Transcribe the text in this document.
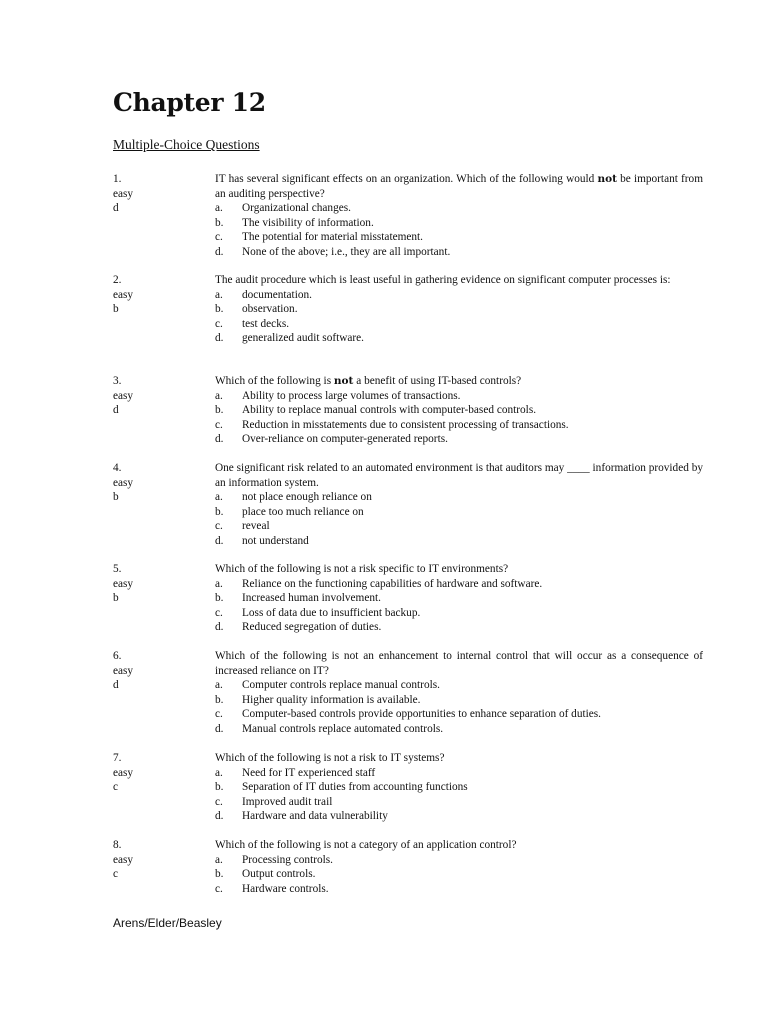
Chapter 12
Multiple-Choice Questions
1.
easy
d
IT has several significant effects on an organization. Which of the following would not be important from an auditing perspective?
a. Organizational changes.
b. The visibility of information.
c. The potential for material misstatement.
d. None of the above; i.e., they are all important.
2.
easy
b
The audit procedure which is least useful in gathering evidence on significant computer processes is:
a. documentation.
b. observation.
c. test decks.
d. generalized audit software.
3.
easy
d
Which of the following is not a benefit of using IT-based controls?
a. Ability to process large volumes of transactions.
b. Ability to replace manual controls with computer-based controls.
c. Reduction in misstatements due to consistent processing of transactions.
d. Over-reliance on computer-generated reports.
4.
easy
b
One significant risk related to an automated environment is that auditors may ____ information provided by an information system.
a. not place enough reliance on
b. place too much reliance on
c. reveal
d. not understand
5.
easy
b
Which of the following is not a risk specific to IT environments?
a. Reliance on the functioning capabilities of hardware and software.
b. Increased human involvement.
c. Loss of data due to insufficient backup.
d. Reduced segregation of duties.
6.
easy
d
Which of the following is not an enhancement to internal control that will occur as a consequence of increased reliance on IT?
a. Computer controls replace manual controls.
b. Higher quality information is available.
c. Computer-based controls provide opportunities to enhance separation of duties.
d. Manual controls replace automated controls.
7.
easy
c
Which of the following is not a risk to IT systems?
a. Need for IT experienced staff
b. Separation of IT duties from accounting functions
c. Improved audit trail
d. Hardware and data vulnerability
8.
easy
c
Which of the following is not a category of an application control?
a. Processing controls.
b. Output controls.
c. Hardware controls.
Arens/Elder/Beasley
